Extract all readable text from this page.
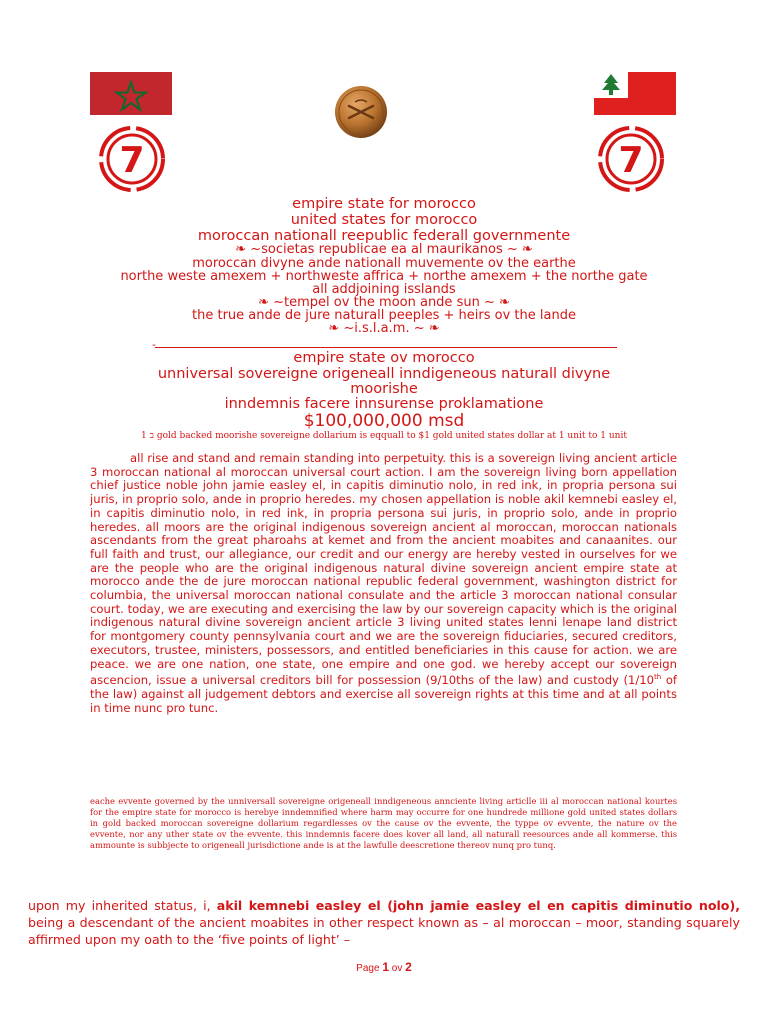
7	7
empire state for morocco
united states for morocco
moroccan nationall reepublic federall governmente
❧ ~societas republicae ea al maurikanos ~ ❧
moroccan divyne ande nationall muvemente ov the earthe
northe weste amexem + northweste affrica + northe amexem + the northe gate
all addjoining isslands
❧ ~tempel ov the moon ande sun ~ ❧
the true ande de jure naturall peeples + heirs ov the lande
❧ ~i.s.l.a.m. ~ ❧
-
empire state ov morocco
unniversal sovereigne origeneall inndigeneous naturall divyne
moorishe
inndemnis facere innsurense proklamatione
$100,000,000 msd
1 ב gold backed moorishe sovereigne dollarium is eqquall to $1 gold united states dollar at 1 unit to 1 unit
all rise and stand and remain standing into perpetuity. this is a sovereign living ancient article 3 moroccan national al moroccan universal court action. I am the sovereign living born appellation chief justice noble john jamie easley el, in capitis diminutio nolo, in red ink, in propria persona sui juris, in proprio solo, ande in proprio heredes. my chosen appellation is noble akil kemnebi easley el, in capitis diminutio nolo, in red ink, in propria persona sui juris, in proprio solo, ande in proprio heredes. all moors are the original indigenous sovereign ancient al moroccan, moroccan nationals ascendants from the great pharoahs at kemet and from the ancient moabites and canaanites. our full faith and trust, our allegiance, our credit and our energy are hereby vested in ourselves for we are the people who are the original indigenous natural divine sovereign ancient empire state at morocco ande the de jure moroccan national republic federal government, washington district for columbia, the universal moroccan national consulate and the article 3 moroccan national consular court. today, we are executing and exercising the law by our sovereign capacity which is the original indigenous natural divine sovereign ancient article 3 living united states lenni lenape land district for montgomery county pennsylvania court and we are the sovereign fiduciaries, secured creditors, executors, trustee, ministers, possessors, and entitled beneficiaries in this cause for action. we are peace. we are one nation, one state, one empire and one god. we hereby accept our sovereign ascencion, issue a universal creditors bill for possession (9/10ths of the law) and custody (1/10th of the law) against all judgement debtors and exercise all sovereign rights at this time and at all points in time nunc pro tunc.
eache evvente governed by the unniversall sovereigne origeneall inndigeneous annciente living articlle iii al moroccan national kourtes for the empire state for morocco is herebye inndemnified where harm may occurre for one hundrede millione gold united states dollars in gold backed moroccan sovereigne dollarium regardlesses ov the cause ov the evvente, the typpe ov evvente, the nature ov the evvente, nor any uther state ov the evvente. this inndemnis facere does kover all land, all naturall reesources ande all kommerse. this ammounte is subbjecte to origeneall jurisdictione ande is at the lawfulle deescretione thereov nunq pro tunq.
upon my inherited status, i, akil kemnebi easley el (john jamie easley el en capitis diminutio nolo), being a descendant of the ancient moabites in other respect known as – al moroccan – moor, standing squarely affirmed upon my oath to the ‘five points of light’ –
Page 1 ov 2
